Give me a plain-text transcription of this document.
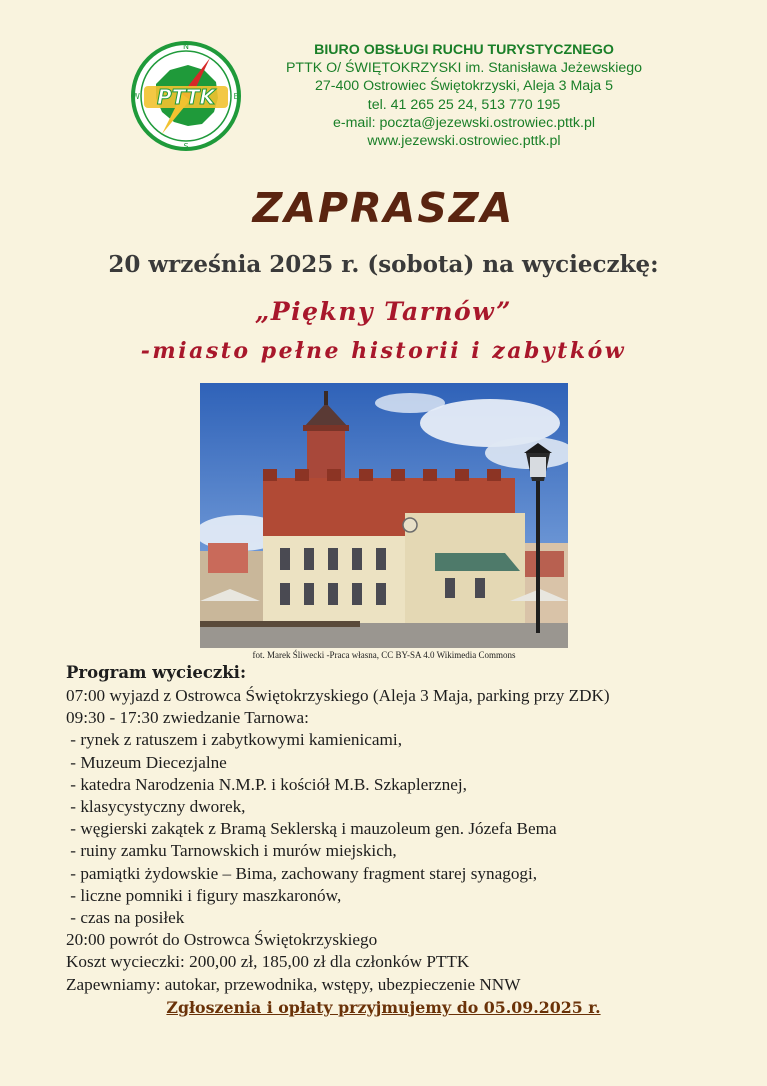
PTTK
N
S
W	E
BIURO OBSŁUGI RUCHU TURYSTYCZNEGO
PTTK O/ ŚWIĘTOKRZYSKI im. Stanisława Jeżewskiego
27-400 Ostrowiec Świętokrzyski, Aleja 3 Maja 5
tel. 41 265 25 24, 513 770 195
e-mail: poczta@jezewski.ostrowiec.pttk.pl
www.jezewski.ostrowiec.pttk.pl
ZAPRASZA
20 września 2025 r. (sobota) na wycieczkę:
„Piękny Tarnów”
-miasto pełne historii i zabytków
fot. Marek Śliwecki -Praca własna, CC BY-SA 4.0 Wikimedia Commons
Program wycieczki:
07:00 wyjazd z Ostrowca Świętokrzyskiego (Aleja 3 Maja, parking przy ZDK)
09:30 - 17:30 zwiedzanie Tarnowa:
- rynek z ratuszem i zabytkowymi kamienicami,
- Muzeum Diecezjalne
- katedra Narodzenia N.M.P. i kościół M.B. Szkaplerznej,
- klasycystyczny dworek,
- węgierski zakątek z Bramą Seklerską i mauzoleum gen. Józefa Bema
- ruiny zamku Tarnowskich i murów miejskich,
- pamiątki żydowskie – Bima, zachowany fragment starej synagogi,
- liczne pomniki i figury maszkaronów,
- czas na posiłek
20:00 powrót do Ostrowca Świętokrzyskiego
Koszt wycieczki: 200,00 zł, 185,00 zł dla członków PTTK
Zapewniamy: autokar, przewodnika, wstępy, ubezpieczenie NNW
Zgłoszenia i opłaty przyjmujemy do 05.09.2025 r.
